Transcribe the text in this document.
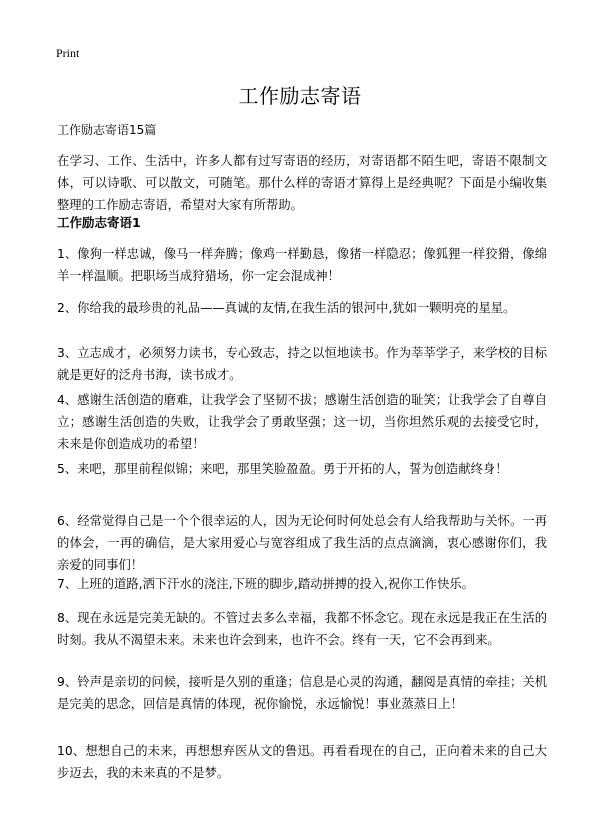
Print
工作励志寄语
工作励志寄语15篇

在学习、工作、生活中，许多人都有过写寄语的经历，对寄语都不陌生吧，寄语不限制文体，可以诗歌、可以散文，可随笔。那什么样的寄语才算得上是经典呢？下面是小编收集整理的工作励志寄语，希望对大家有所帮助。

工作励志寄语1

1、像狗一样忠诚，像马一样奔腾；像鸡一样勤恳，像猪一样隐忍；像狐狸一样狡猾，像绵羊一样温顺。把职场当成狩猎场，你一定会混成神！

2、你给我的最珍贵的礼品——真诚的友情,在我生活的银河中,犹如一颗明亮的星星。

3、立志成才，必须努力读书，专心致志，持之以恒地读书。作为莘莘学子，来学校的目标就是更好的泛舟书海，读书成才。

4、感谢生活创造的磨难，让我学会了坚韧不拔；感谢生活创造的耻笑；让我学会了自尊自立；感谢生活创造的失败，让我学会了勇敢坚强；这一切，当你坦然乐观的去接受它时，未来是你创造成功的希望！

5、来吧，那里前程似锦；来吧，那里笑脸盈盈。勇于开拓的人，誓为创造献终身！

6、经常觉得自己是一个个很幸运的人，因为无论何时何处总会有人给我帮助与关怀。一再的体会，一再的确信，是大家用爱心与宽容组成了我生活的点点滴滴，衷心感谢你们，我亲爱的同事们！

7、上班的道路,洒下汗水的浇注,下班的脚步,踏动拼搏的投入,祝你工作快乐。

8、现在永远是完美无缺的。不管过去多么幸福，我都不怀念它。现在永远是我正在生活的时刻。我从不渴望未来。未来也许会到来，也许不会。终有一天，它不会再到来。

9、铃声是亲切的问候，接听是久别的重逢；信息是心灵的沟通，翻阅是真情的牵挂；关机是完美的思念，回信是真情的体现，祝你愉悦，永远愉悦！事业蒸蒸日上！

10、想想自己的未来，再想想弃医从文的鲁迅。再看看现在的自己，正向着未来的自己大步迈去，我的未来真的不是梦。
